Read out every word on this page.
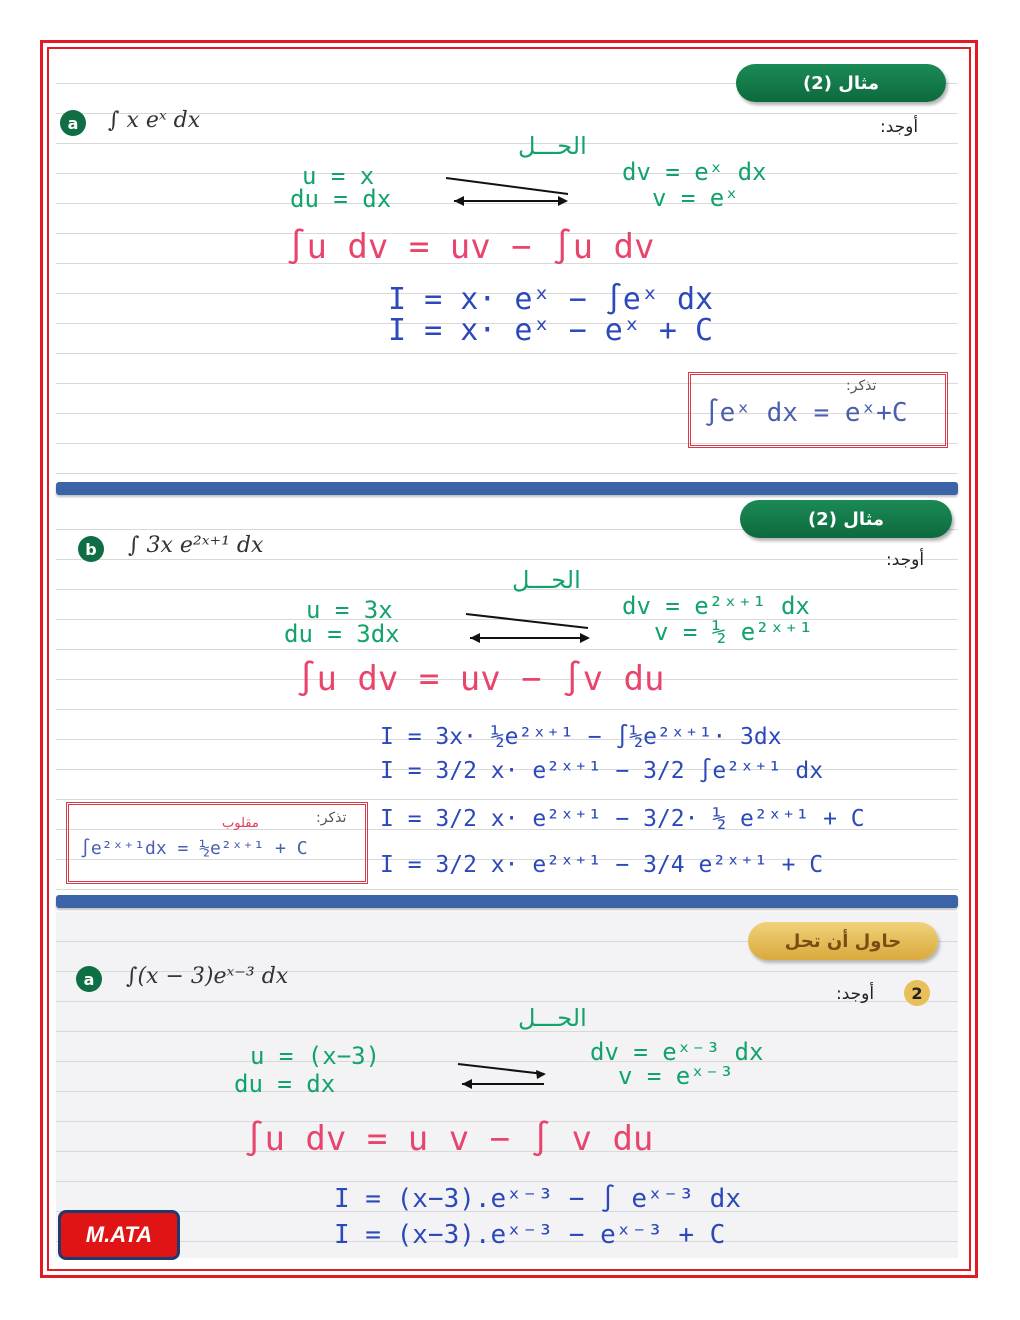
مثال (2)
a	∫ x eˣ dx	أوجد:
الحـــل
u = x
du = dx
dv = eˣ dx
v = eˣ
∫u dv = uv − ∫u dv
I = x· eˣ − ∫eˣ dx
I = x· eˣ − eˣ + C
تذكر:
∫eˣ dx = eˣ+C
مثال (2)
b	∫ 3x e²ˣ⁺¹ dx
أوجد:
الحـــل
u = 3x
du = 3dx
dv = e²ˣ⁺¹ dx
v = ½ e²ˣ⁺¹
∫u dv = uv − ∫v du
I = 3x· ½e²ˣ⁺¹ − ∫½e²ˣ⁺¹· 3dx
I = 3/2 x· e²ˣ⁺¹ − 3/2 ∫e²ˣ⁺¹ dx
I = 3/2 x· e²ˣ⁺¹ − 3/2· ½ e²ˣ⁺¹ + C
I = 3/2 x· e²ˣ⁺¹ − 3/4 e²ˣ⁺¹ + C
تذكر:
مقلوب
∫e²ˣ⁺¹dx = ½e²ˣ⁺¹ + C
حاول أن تحل
2
أوجد:
a	∫(x − 3)eˣ⁻³ dx
الحـــل
u = (x−3)
du = dx
dv = eˣ⁻³ dx
v = eˣ⁻³
∫u dv = u v − ∫ v du
I = (x−3).eˣ⁻³ − ∫ eˣ⁻³ dx
I = (x−3).eˣ⁻³ − eˣ⁻³ + C
M.ATA
